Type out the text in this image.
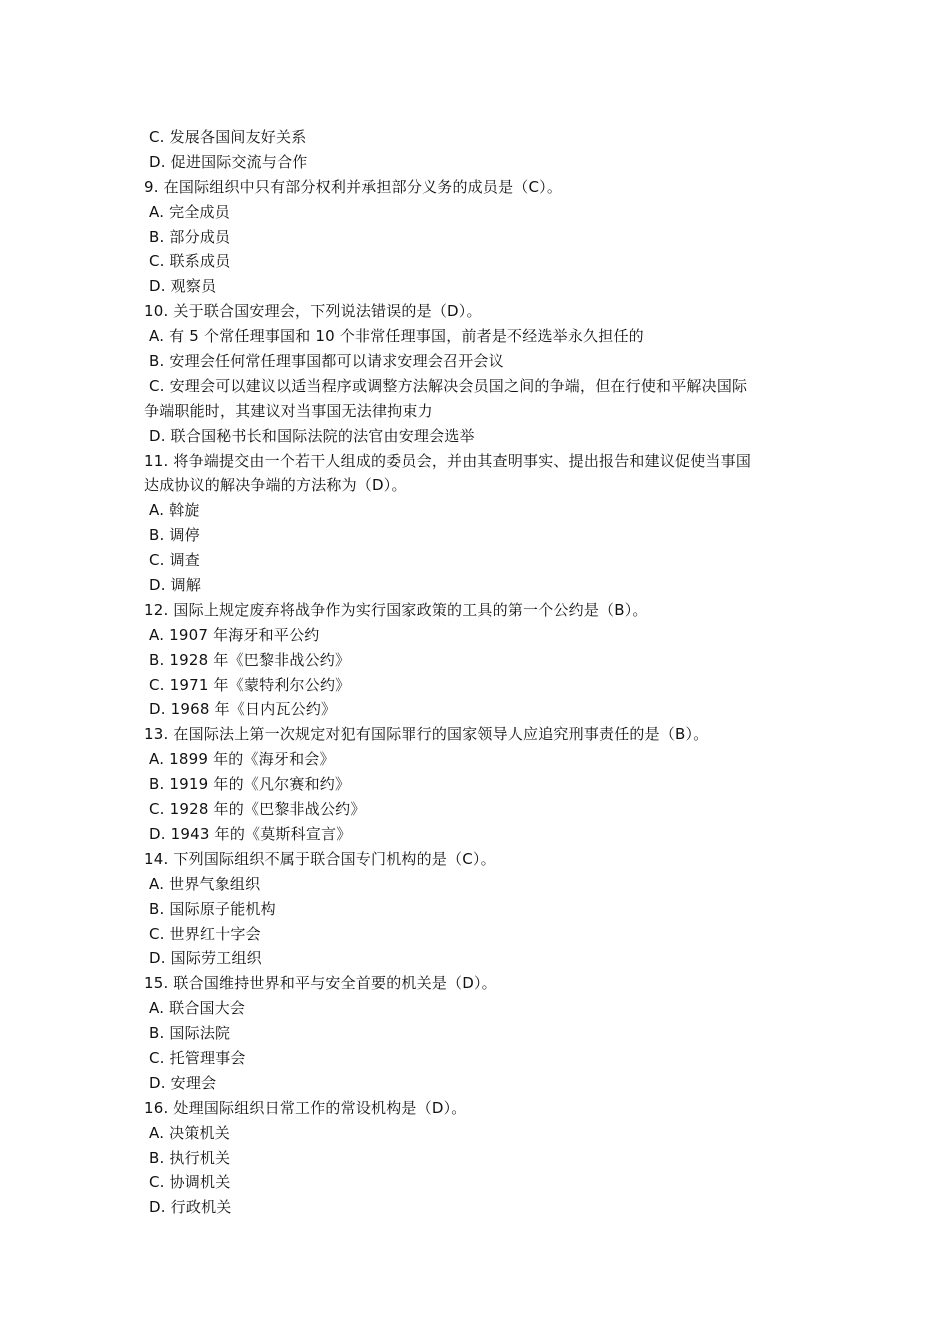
C. 发展各国间友好关系
D. 促进国际交流与合作
9. 在国际组织中只有部分权利并承担部分义务的成员是（C）。
A. 完全成员
B. 部分成员
C. 联系成员
D. 观察员
10. 关于联合国安理会，下列说法错误的是（D）。
A. 有 5 个常任理事国和 10 个非常任理事国，前者是不经选举永久担任的
B. 安理会任何常任理事国都可以请求安理会召开会议
C. 安理会可以建议以适当程序或调整方法解决会员国之间的争端，但在行使和平解决国际
争端职能时，其建议对当事国无法律拘束力
D. 联合国秘书长和国际法院的法官由安理会选举
11. 将争端提交由一个若干人组成的委员会，并由其查明事实、提出报告和建议促使当事国
达成协议的解决争端的方法称为（D）。
A. 斡旋
B. 调停
C. 调查
D. 调解
12. 国际上规定废弃将战争作为实行国家政策的工具的第一个公约是（B）。
A. 1907 年海牙和平公约
B. 1928 年《巴黎非战公约》
C. 1971 年《蒙特利尔公约》
D. 1968 年《日内瓦公约》
13. 在国际法上第一次规定对犯有国际罪行的国家领导人应追究刑事责任的是（B）。
A. 1899 年的《海牙和会》
B. 1919 年的《凡尔赛和约》
C. 1928 年的《巴黎非战公约》
D. 1943 年的《莫斯科宣言》
14. 下列国际组织不属于联合国专门机构的是（C）。
A. 世界气象组织
B. 国际原子能机构
C. 世界红十字会
D. 国际劳工组织
15. 联合国维持世界和平与安全首要的机关是（D）。
A. 联合国大会
B. 国际法院
C. 托管理事会
D. 安理会
16. 处理国际组织日常工作的常设机构是（D）。
A. 决策机关
B. 执行机关
C. 协调机关
D. 行政机关
